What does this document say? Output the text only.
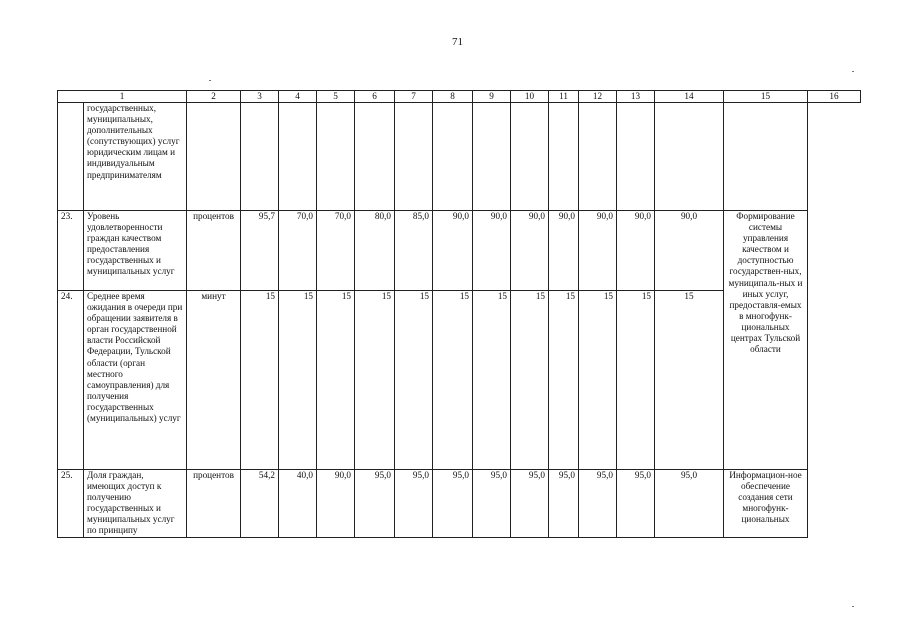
71
1		2	3	4	5	6	7	8	9	10	11	12	13	14	15	16
	государственных, муниципальных, дополнительных (сопутствующих) услуг юридическим лицам и индивидуальным предпринимателям															
23.	Уровень удовлетворенности граждан качеством предоставления государственных и муниципальных услуг	процентов	95,7	70,0	70,0	80,0	85,0	90,0	90,0	90,0	90,0	90,0	90,0	90,0	Формирование системы управления качеством и доступностью государствен-ных, муниципаль-ных и иных услуг, предоставля-емых в многофунк-циональных центрах Тульской области	
24.	Среднее время ожидания в очереди при обращении заявителя в орган государственной власти Российской Федерации, Тульской области (орган местного самоуправления) для получения государственных (муниципальных) услуг	минут	15	15	15	15	15	15	15	15	15	15	15	15		
25.	Доля граждан, имеющих доступ к получению государственных и муниципальных услуг по принципу	процентов	54,2	40,0	90,0	95,0	95,0	95,0	95,0	95,0	95,0	95,0	95,0	95,0	Информацион-ное обеспечение создания сети многофунк-циональных	
